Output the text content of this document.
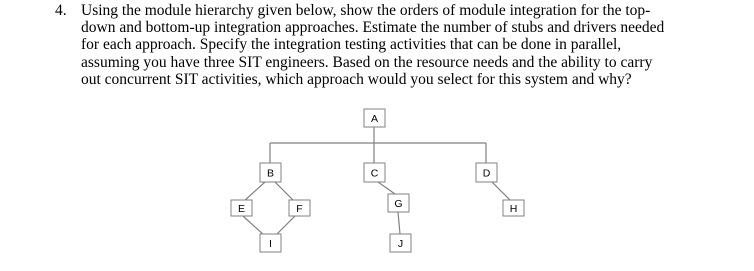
4. Using the module hierarchy given below, show the orders of module integration for the top-
down and bottom-up integration approaches. Estimate the number of stubs and drivers needed
for each approach. Specify the integration testing activities that can be done in parallel,
assuming you have three SIT engineers. Based on the resource needs and the ability to carry
out concurrent SIT activities, which approach would you select for this system and why?
A
B	C	D
E	F	G	H
I	J
